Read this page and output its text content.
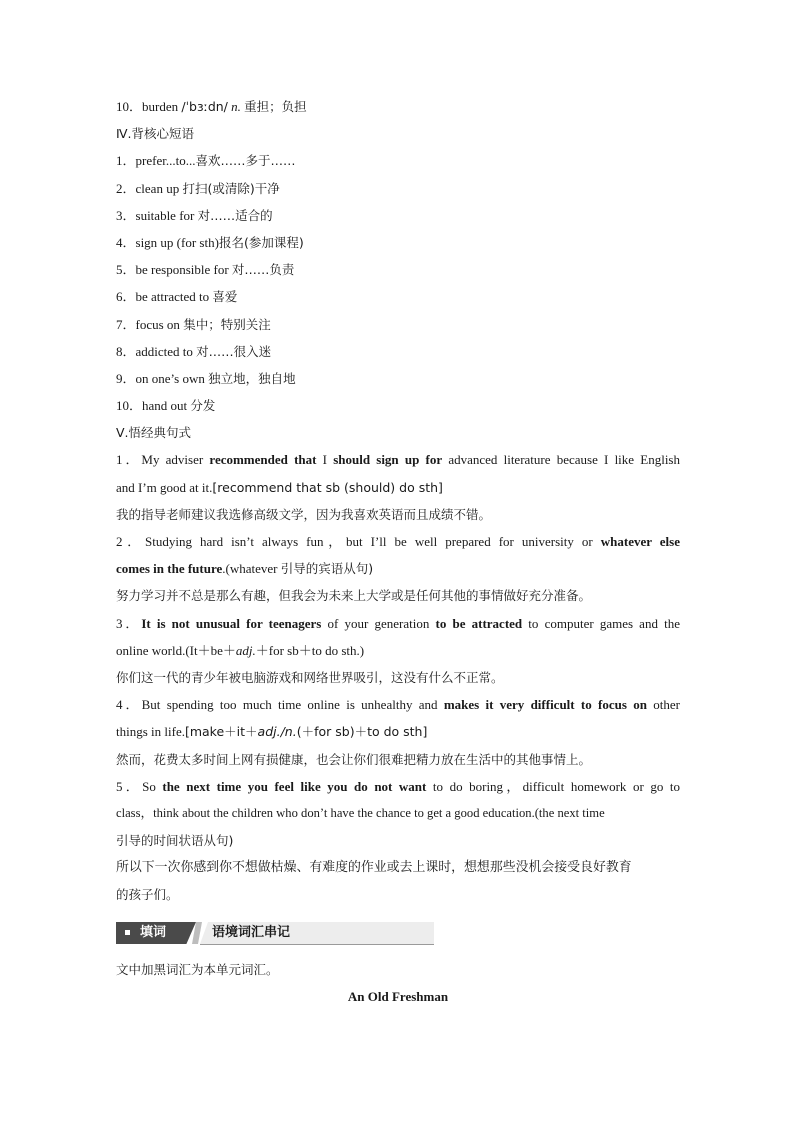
10．burden /ˈbɜːdn/ n. 重担；负担
Ⅳ.背核心短语
1．prefer...to...喜欢……多于……
2．clean up 打扫(或清除)干净
3．suitable for 对……适合的
4．sign up (for sth)报名(参加课程)
5．be responsible for 对……负责
6．be attracted to 喜爱
7．focus on 集中；特别关注
8．addicted to 对……很入迷
9．on one’s own 独立地，独自地
10．hand out 分发
Ⅴ.悟经典句式
1．My adviser recommended that I should sign up for advanced literature because I like English
and I’m good at it.[recommend that sb (should) do sth]
我的指导老师建议我选修高级文学，因为我喜欢英语而且成绩不错。
2．Studying hard isn’t always fun，but I’ll be well prepared for university or whatever else
comes in the future.(whatever 引导的宾语从句)
努力学习并不总是那么有趣，但我会为未来上大学或是任何其他的事情做好充分准备。
3．It is not unusual for teenagers of your generation to be attracted to computer games and the
online world.(It＋be＋adj.＋for sb＋to do sth.)
你们这一代的青少年被电脑游戏和网络世界吸引，这没有什么不正常。
4．But spending too much time online is unhealthy and makes it very difficult to focus on other
things in life.[make＋it＋adj./n.(＋for sb)＋to do sth]
然而，花费太多时间上网有损健康，也会让你们很难把精力放在生活中的其他事情上。
5．So the next time you feel like you do not want to do boring，difficult homework or go to
class，think about the children who don’t have the chance to get a good education.(the next time
引导的时间状语从句)
所以下一次你感到你不想做枯燥、有难度的作业或去上课时，想想那些没机会接受良好教育
的孩子们。
填词	语境词汇串记
文中加黑词汇为本单元词汇。
An Old Freshman
